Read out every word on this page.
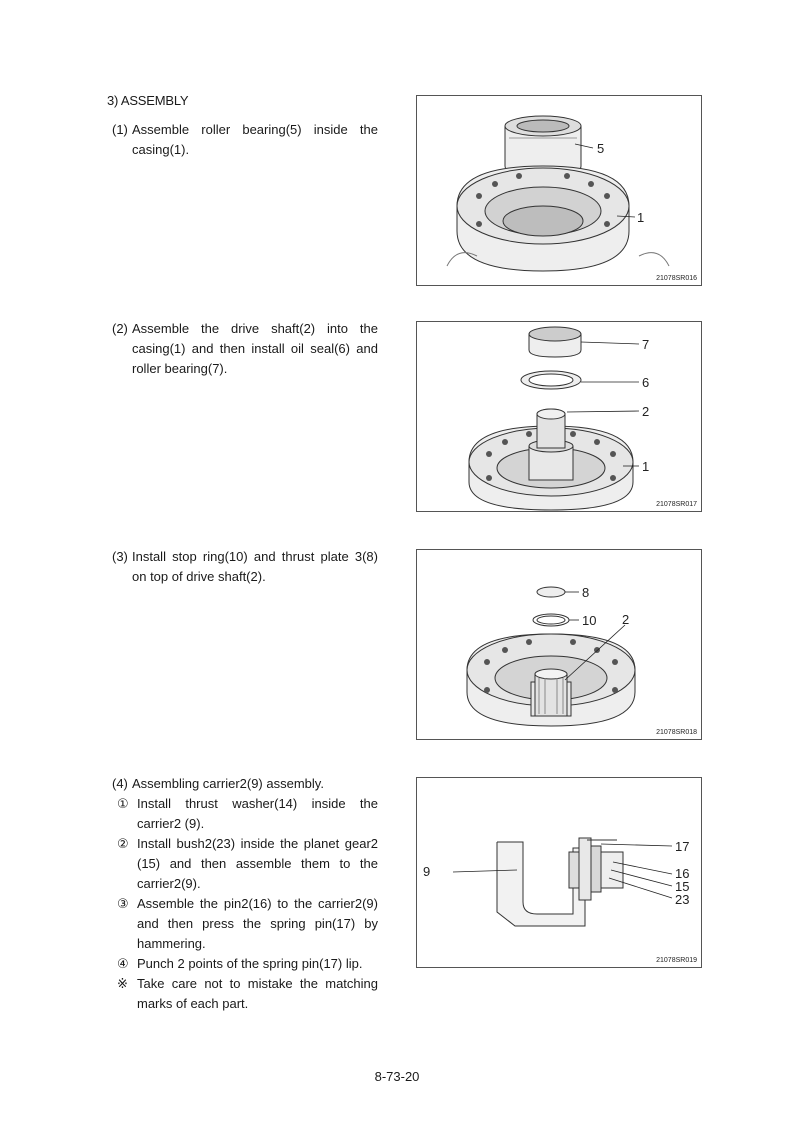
3) ASSEMBLY
(1) Assemble roller bearing(5) inside the casing(1).
(2) Assemble the drive shaft(2) into the casing(1) and then install oil seal(6) and roller bearing(7).
(3) Install stop ring(10) and thrust plate 3(8) on top of drive shaft(2).
(4) Assembling carrier2(9) assembly.
① Install thrust washer(14) inside the carrier2 (9).
② Install bush2(23) inside the planet gear2 (15) and then assemble them to the carrier2(9).
③ Assemble the pin2(16) to the carrier2(9) and then press the spring pin(17) by hammering.
④ Punch 2 points of the spring pin(17) lip.
※ Take care not to mistake the matching marks of each part.
5
1
21078SR016
7
6
2
1
21078SR017
8
10 2
21078SR018
9
17
16
15
23
21078SR019
8-73-20
